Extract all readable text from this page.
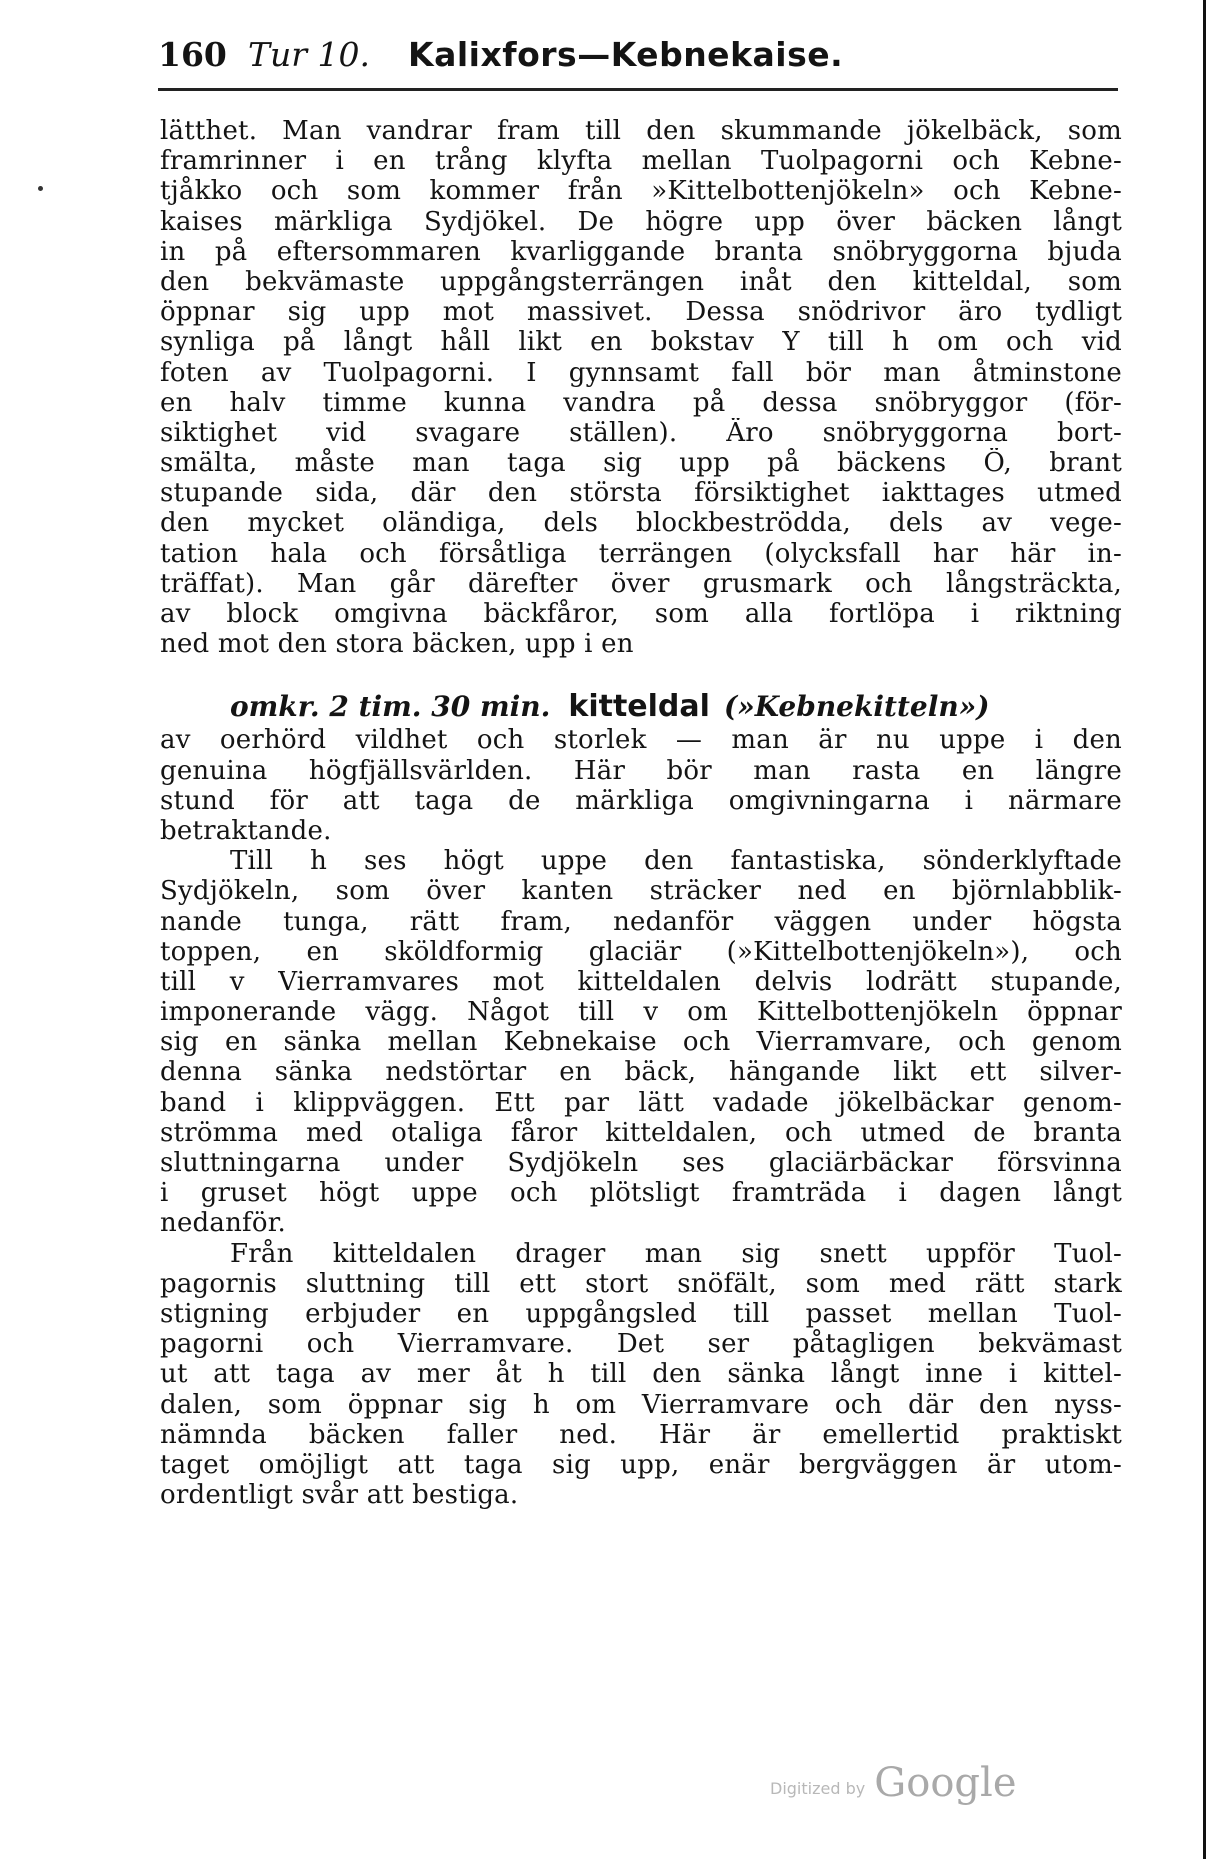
160 Tur 10. Kalixfors—Kebnekaise.
lätthet. Man vandrar fram till den skummande jökelbäck, som
framrinner i en trång klyfta mellan Tuolpagorni och Kebne-
tjåkko och som kommer från »Kittelbottenjökeln» och Kebne-
kaises märkliga Sydjökel. De högre upp över bäcken långt
in på eftersommaren kvarliggande branta snöbryggorna bjuda
den bekvämaste uppgångsterrängen inåt den kitteldal, som
öppnar sig upp mot massivet. Dessa snödrivor äro tydligt
synliga på långt håll likt en bokstav Y till h om och vid
foten av Tuolpagorni. I gynnsamt fall bör man åtminstone
en halv timme kunna vandra på dessa snöbryggor (för-
siktighet vid svagare ställen). Äro snöbryggorna bort-
smälta, måste man taga sig upp på bäckens Ö, brant
stupande sida, där den största försiktighet iakttages utmed
den mycket oländiga, dels blockbeströdda, dels av vege-
tation hala och försåtliga terrängen (olycksfall har här in-
träffat). Man går därefter över grusmark och långsträckta,
av block omgivna bäckfåror, som alla fortlöpa i riktning
ned mot den stora bäcken, upp i en
omkr. 2 tim. 30 min. kitteldal (»Kebnekitteln»)
av oerhörd vildhet och storlek — man är nu uppe i den
genuina högfjällsvärlden. Här bör man rasta en längre
stund för att taga de märkliga omgivningarna i närmare
betraktande.
Till h ses högt uppe den fantastiska, sönderklyftade
Sydjökeln, som över kanten sträcker ned en björnlabblik-
nande tunga, rätt fram, nedanför väggen under högsta
toppen, en sköldformig glaciär (»Kittelbottenjökeln»), och
till v Vierramvares mot kitteldalen delvis lodrätt stupande,
imponerande vägg. Något till v om Kittelbottenjökeln öppnar
sig en sänka mellan Kebnekaise och Vierramvare, och genom
denna sänka nedstörtar en bäck, hängande likt ett silver-
band i klippväggen. Ett par lätt vadade jökelbäckar genom-
strömma med otaliga fåror kitteldalen, och utmed de branta
sluttningarna under Sydjökeln ses glaciärbäckar försvinna
i gruset högt uppe och plötsligt framträda i dagen långt
nedanför.
Från kitteldalen drager man sig snett uppför Tuol-
pagornis sluttning till ett stort snöfält, som med rätt stark
stigning erbjuder en uppgångsled till passet mellan Tuol-
pagorni och Vierramvare. Det ser påtagligen bekvämast
ut att taga av mer åt h till den sänka långt inne i kittel-
dalen, som öppnar sig h om Vierramvare och där den nyss-
nämnda bäcken faller ned. Här är emellertid praktiskt
taget omöjligt att taga sig upp, enär bergväggen är utom-
ordentligt svår att bestiga.
Digitized by Google
